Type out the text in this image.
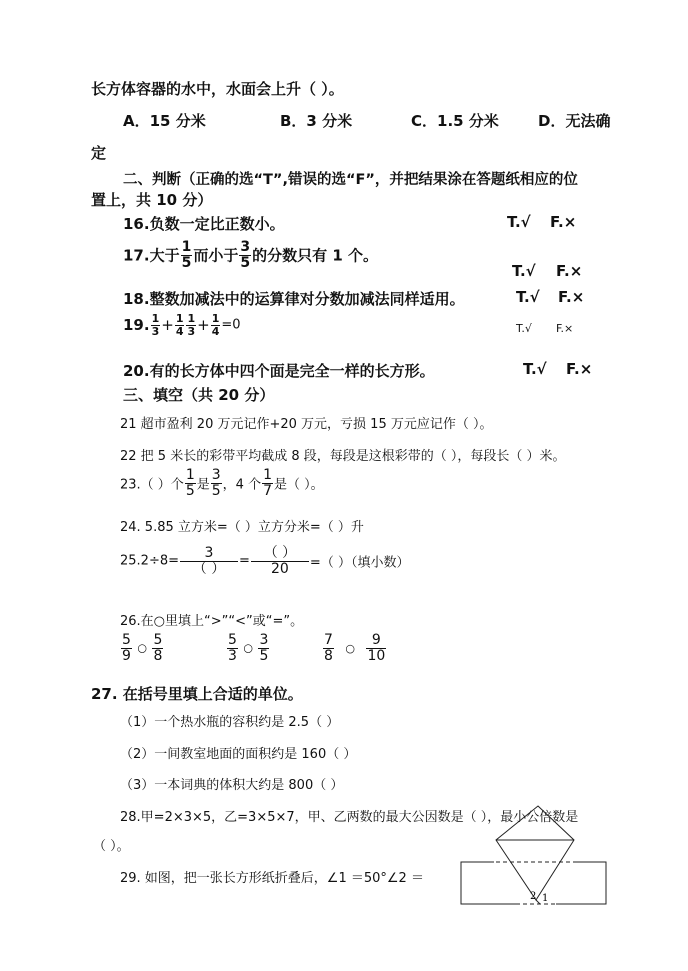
长方体容器的水中，水面会上升（ ）。
A．15 分米	B．3 分米	C．1.5 分米	D．无法确
定
二、判断（正确的选“T”,错误的选“F”，并把结果涂在答题纸相应的位
置上，共 10 分）
16.负数一定比正数小。	T.√ F.×
17.大于 $\frac{1}{5}$ 而小于 $\frac{3}{5}$ 的分数只有 1 个。
T.√ F.×
18.整数加减法中的运算律对分数加减法同样适用。	T.√ F.×
19. $\frac{1}{3} + \frac{1}{4} \frac{1}{3} + \frac{1}{4} =0$	T.√ F.×
20.有的长方体中四个面是完全一样的长方形。	T.√ F.×
三、填空（共 20 分）
21 超市盈利 20 万元记作+20 万元，亏损 15 万元应记作（ ）。
22 把 5 米长的彩带平均截成 8 段，每段是这根彩带的（ ），每段长（ ）米。
23.（ ）个 $\frac{1}{5}$ 是 $\frac{3}{5}$ ，4 个 $\frac{1}{7}$ 是（ ）。
24. 5.85 立方米=（ ）立方分米=（ ）升
$25.2\div 8= \frac{3}{( )} = \frac{( )}{20}$ =（ ）（填小数）
26.在○里填上“>”“<”或“=”。
$\frac{5}{9}$ ○ $\frac{5}{8}$	$\frac{5}{3}$ ○ $\frac{3}{5}$	$\frac{7}{8}$ ○ $\frac{9}{10}$
27. 在括号里填上合适的单位。
（1）一个热水瓶的容积约是 2.5（ ）
（2）一间教室地面的面积约是 160（ ）
（3）一本词典的体积大约是 800（ ）
28.甲=2×3×5，乙=3×5×7，甲、乙两数的最大公因数是（ ），最小公倍数是
（ ）。
29. 如图，把一张长方形纸折叠后，∠1 ＝50°∠2 ＝
2 1
